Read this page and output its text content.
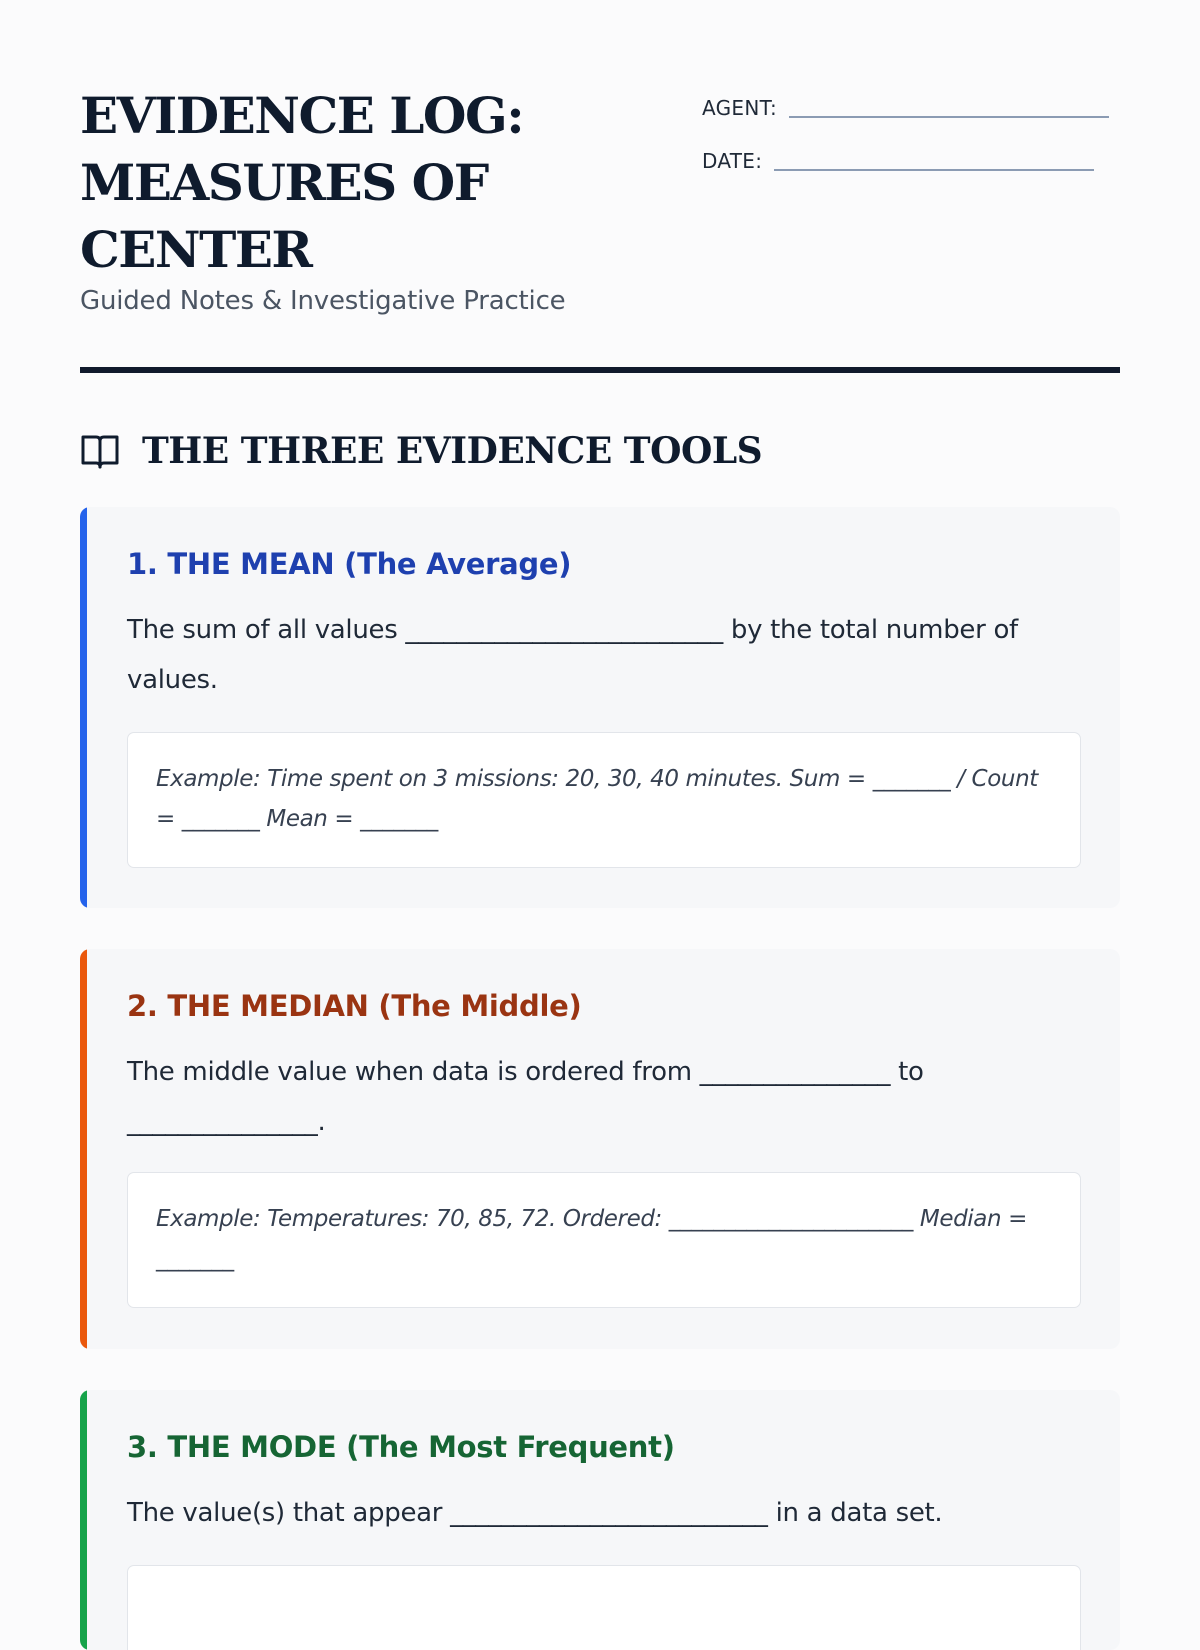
EVIDENCE LOG: MEASURES OF CENTER
Guided Notes & Investigative Practice
AGENT:
DATE:
THE THREE EVIDENCE TOOLS
1. THE MEAN (The Average)

The sum of all values _________________________ by the total number of values.

Example: Time spent on 3 missions: 20, 30, 40 minutes. Sum = _______ / Count = _______ Mean = _______
2. THE MEDIAN (The Middle)

The middle value when data is ordered from _______________ to _______________.

Example: Temperatures: 70, 85, 72. Ordered: ______________________ Median = _______
3. THE MODE (The Most Frequent)

The value(s) that appear _________________________ in a data set.
